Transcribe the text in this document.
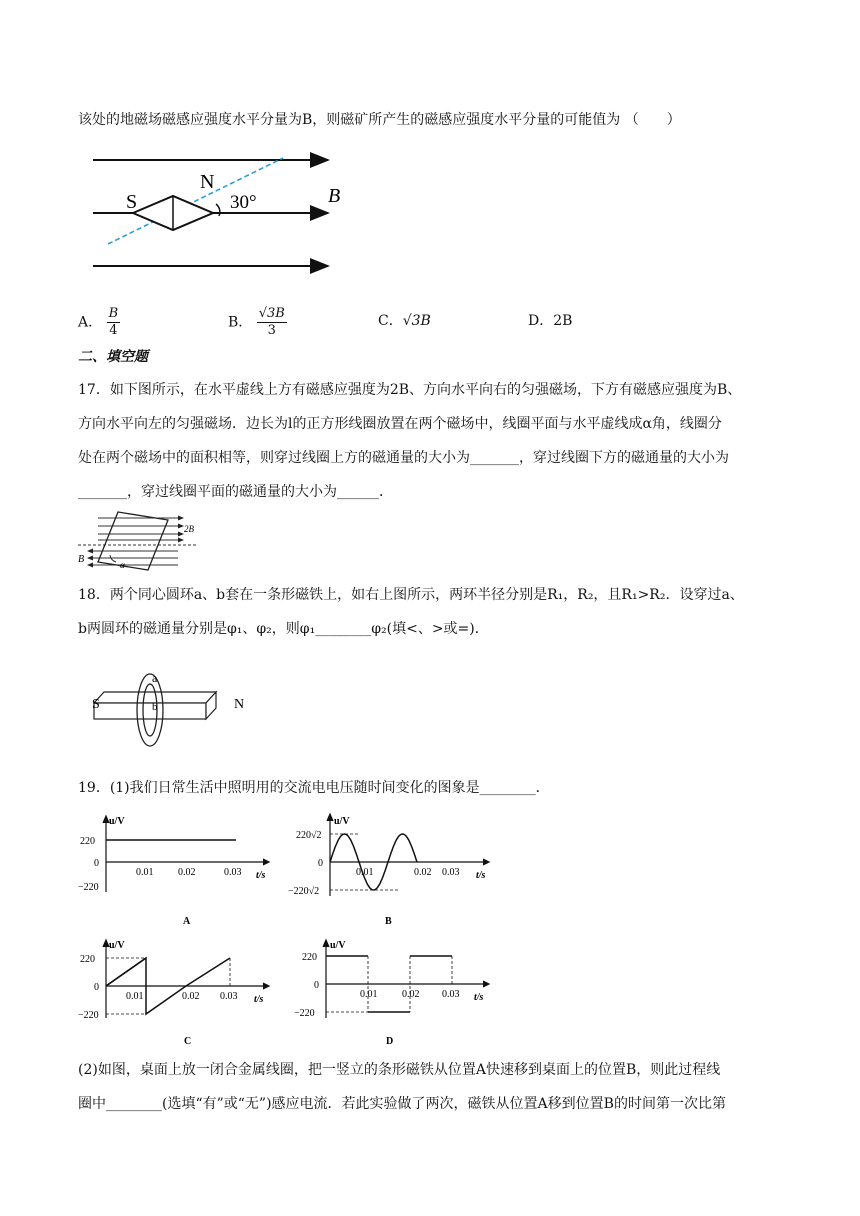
该处的地磁场磁感应强度水平分量为B，则磁矿所产生的磁感应强度水平分量的可能值为 （　　）
S
N
30°	B
A． $\frac{B}{4}$	B． $\frac{√3B}{3}$	C．√3B	D．2B
二、填空题
17．如下图所示，在水平虚线上方有磁感应强度为2B、方向水平向右的匀强磁场，下方有磁感应强度为B、
方向水平向左的匀强磁场．边长为l的正方形线圈放置在两个磁场中，线圈平面与水平虚线成α角，线圈分
处在两个磁场中的面积相等，则穿过线圈上方的磁通量的大小为_______，穿过线圈下方的磁通量的大小为
_______，穿过线圈平面的磁通量的大小为______．
2B
B	α
18．两个同心圆环a、b套在一条形磁铁上，如右上图所示，两环半径分别是R₁，R₂，且R₁>R₂．设穿过a、
b两圆环的磁通量分别是φ₁、φ₂，则φ₁________φ₂(填<、>或=)．
S	N
a
b
19．(1)我们日常生活中照明用的交流电电压随时间变化的图象是________．
u/V
220
0
−220
0.01 0.02	0.03 t/s
A
u/V
220√2
0
−220√2
0.01	0.02 0.03 t/s
B
u/V
220
0
−220
0.01	0.02 0.03 t/s
C
u/V
220
0
−220
0.01 0.02 0.03 t/s
D
(2)如图，桌面上放一闭合金属线圈，把一竖立的条形磁铁从位置A快速移到桌面上的位置B，则此过程线
圈中________(选填“有”或“无”)感应电流．若此实验做了两次，磁铁从位置A移到位置B的时间第一次比第
